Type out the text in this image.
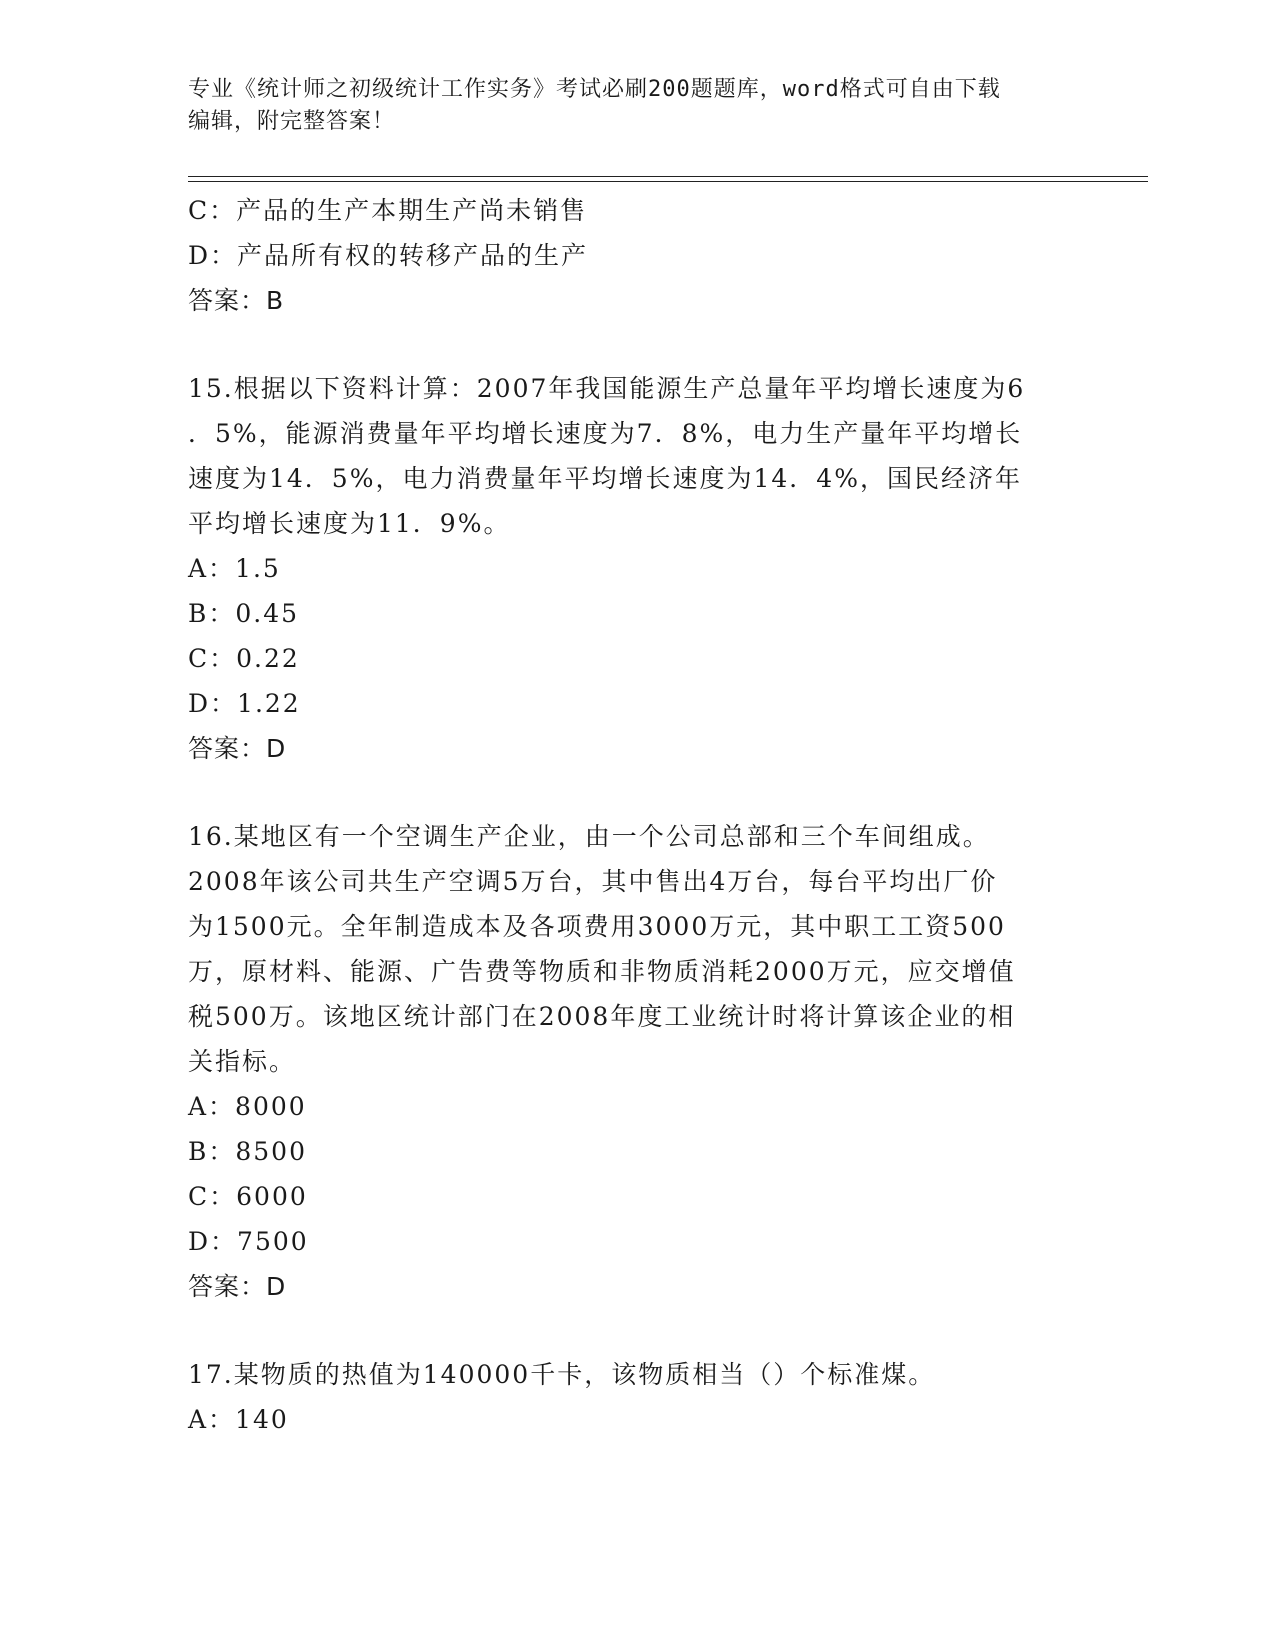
专业《统计师之初级统计工作实务》考试必刷200题题库，word格式可自由下载
编辑，附完整答案！
C：产品的生产本期生产尚未销售
D：产品所有权的转移产品的生产
答案：B
15.根据以下资料计算：2007年我国能源生产总量年平均增长速度为6
．5%，能源消费量年平均增长速度为7．8%，电力生产量年平均增长
速度为14．5%，电力消费量年平均增长速度为14．4%，国民经济年
平均增长速度为11．9%。
A：1.5
B：0.45
C：0.22
D：1.22
答案：D
16.某地区有一个空调生产企业，由一个公司总部和三个车间组成。
2008年该公司共生产空调5万台，其中售出4万台，每台平均出厂价
为1500元。全年制造成本及各项费用3000万元，其中职工工资500
万，原材料、能源、广告费等物质和非物质消耗2000万元，应交增值
税500万。该地区统计部门在2008年度工业统计时将计算该企业的相
关指标。
A：8000
B：8500
C：6000
D：7500
答案：D
17.某物质的热值为140000千卡，该物质相当（）个标准煤。
A：140
